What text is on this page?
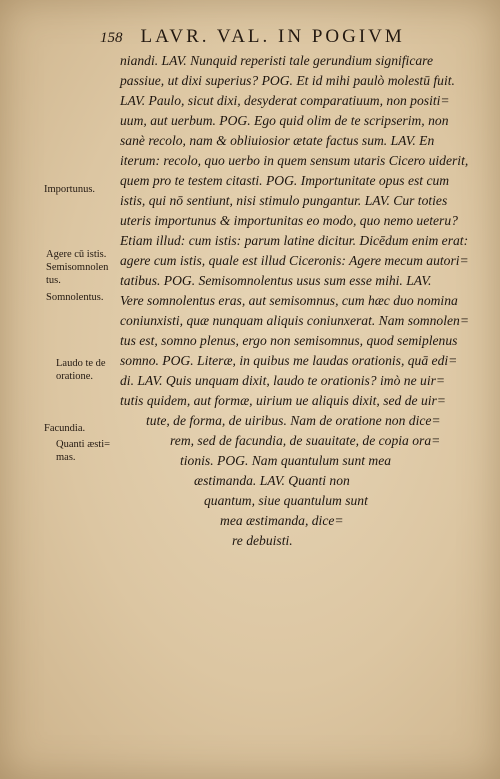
158 LAVR. VAL. IN POGIVM
niandi. LAV. Nunquid reperisti tale gerundium significare
passiue, ut dixi superius? POG. Et id mihi paulò molestū fuit.
LAV. Paulo, sicut dixi, desyderat comparatiuum, non positi=
uum, aut uerbum. POG. Ego quid olim de te scripserim, non
sanè recolo, nam & obliuiosior ætate factus sum. LAV. En
iterum: recolo, quo uerbo in quem sensum utaris Cicero uiderit,
quem pro te testem citasti. POG. Importunitate opus est cum
istis, qui nō sentiunt, nisi stimulo pungantur. LAV. Cur toties
uteris importunus & importunitas eo modo, quo nemo ueteru?
Etiam illud: cum istis: parum latine dicitur. Dicēdum enim erat:
agere cum istis, quale est illud Ciceronis: Agere mecum autori=
tatibus. POG. Semisomnolentus usus sum esse mihi. LAV.
Vere somnolentus eras, aut semisomnus, cum hæc duo nomina
coniunxisti, quæ nunquam aliquis coniunxerat. Nam somnolen=
tus est, somno plenus, ergo non semisomnus, quod semiplenus
somno. POG. Literæ, in quibus me laudas orationis, quā edi=
di. LAV. Quis unquam dixit, laudo te orationis? imò ne uir=
tutis quidem, aut formæ, uirium ue aliquis dixit, sed de uir=
tute, de forma, de uiribus. Nam de oratione non dice=
rem, sed de facundia, de suauitate, de copia ora=
tionis. POG. Nam quantulum sunt mea
æstimanda. LAV. Quanti non
quantum, siue quantulum sunt
mea æstimanda, dice=
re debuisti.
Importunus.
Agere cū istis.
Semisomnolen
tus.
Somnolentus.
Laudo te de
oratione.
Facundia.
Quanti æsti=
mas.
